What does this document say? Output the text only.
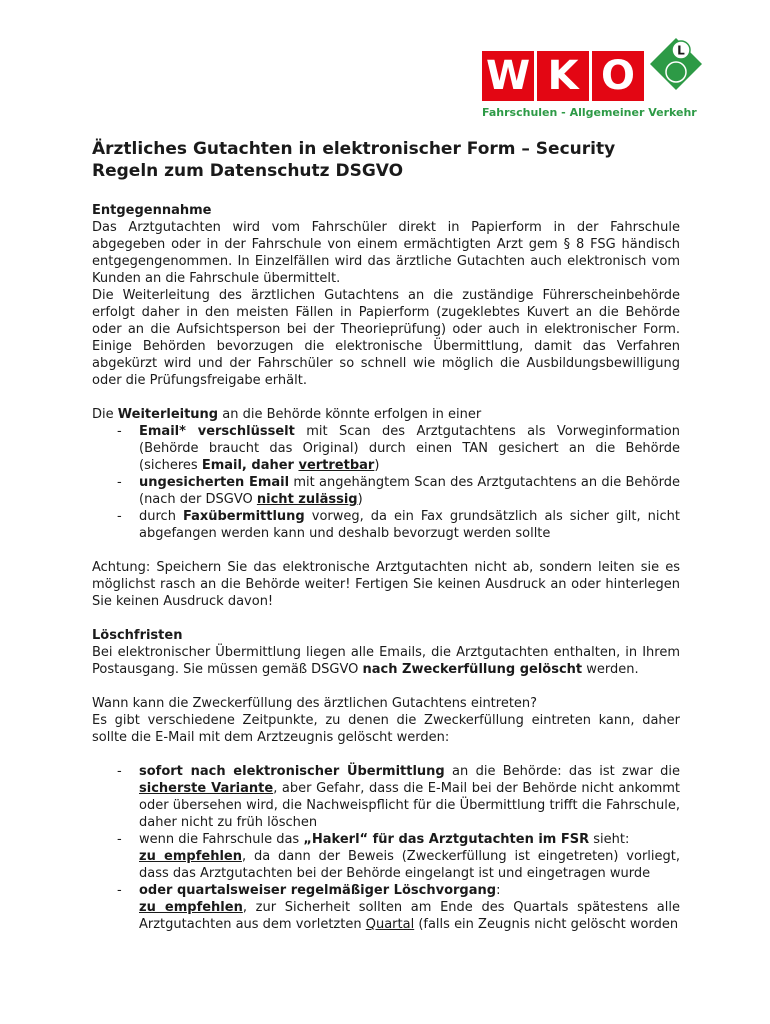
W K O
L
Fahrschulen - Allgemeiner Verkehr
Ärztliches Gutachten in elektronischer Form – Security Regeln zum Datenschutz DSGVO

Entgegennahme

Das Arztgutachten wird vom Fahrschüler direkt in Papierform in der Fahrschule abgegeben oder in der Fahrschule von einem ermächtigten Arzt gem § 8 FSG händisch entgegengenommen. In Einzelfällen wird das ärztliche Gutachten auch elektronisch vom Kunden an die Fahrschule übermittelt.

Die Weiterleitung des ärztlichen Gutachtens an die zuständige Führerscheinbehörde erfolgt daher in den meisten Fällen in Papierform (zugeklebtes Kuvert an die Behörde oder an die Aufsichtsperson bei der Theorieprüfung) oder auch in elektronischer Form. Einige Behörden bevorzugen die elektronische Übermittlung, damit das Verfahren abgekürzt wird und der Fahrschüler so schnell wie möglich die Ausbildungsbewilligung oder die Prüfungsfreigabe erhält.

Die Weiterleitung an die Behörde könnte erfolgen in einer

- Email* verschlüsselt mit Scan des Arztgutachtens als Vorweginformation (Behörde braucht das Original) durch einen TAN gesichert an die Behörde (sicheres Email, daher vertretbar)
- ungesicherten Email mit angehängtem Scan des Arztgutachtens an die Behörde (nach der DSGVO nicht zulässig)
- durch Faxübermittlung vorweg, da ein Fax grundsätzlich als sicher gilt, nicht abgefangen werden kann und deshalb bevorzugt werden sollte

Achtung: Speichern Sie das elektronische Arztgutachten nicht ab, sondern leiten sie es möglichst rasch an die Behörde weiter! Fertigen Sie keinen Ausdruck an oder hinterlegen Sie keinen Ausdruck davon!

Löschfristen

Bei elektronischer Übermittlung liegen alle Emails, die Arztgutachten enthalten, in Ihrem Postausgang. Sie müssen gemäß DSGVO nach Zweckerfüllung gelöscht werden.

Wann kann die Zweckerfüllung des ärztlichen Gutachtens eintreten?

Es gibt verschiedene Zeitpunkte, zu denen die Zweckerfüllung eintreten kann, daher sollte die E-Mail mit dem Arztzeugnis gelöscht werden:

- sofort nach elektronischer Übermittlung an die Behörde: das ist zwar die sicherste Variante, aber Gefahr, dass die E-Mail bei der Behörde nicht ankommt oder übersehen wird, die Nachweispflicht für die Übermittlung trifft die Fahrschule, daher nicht zu früh löschen
- wenn die Fahrschule das „Hakerl“ für das Arztgutachten im FSR sieht:
zu empfehlen, da dann der Beweis (Zweckerfüllung ist eingetreten) vorliegt, dass das Arztgutachten bei der Behörde eingelangt ist und eingetragen wurde
- oder quartalsweiser regelmäßiger Löschvorgang:
zu empfehlen, zur Sicherheit sollten am Ende des Quartals spätestens alle Arztgutachten aus dem vorletzten Quartal (falls ein Zeugnis nicht gelöscht worden
